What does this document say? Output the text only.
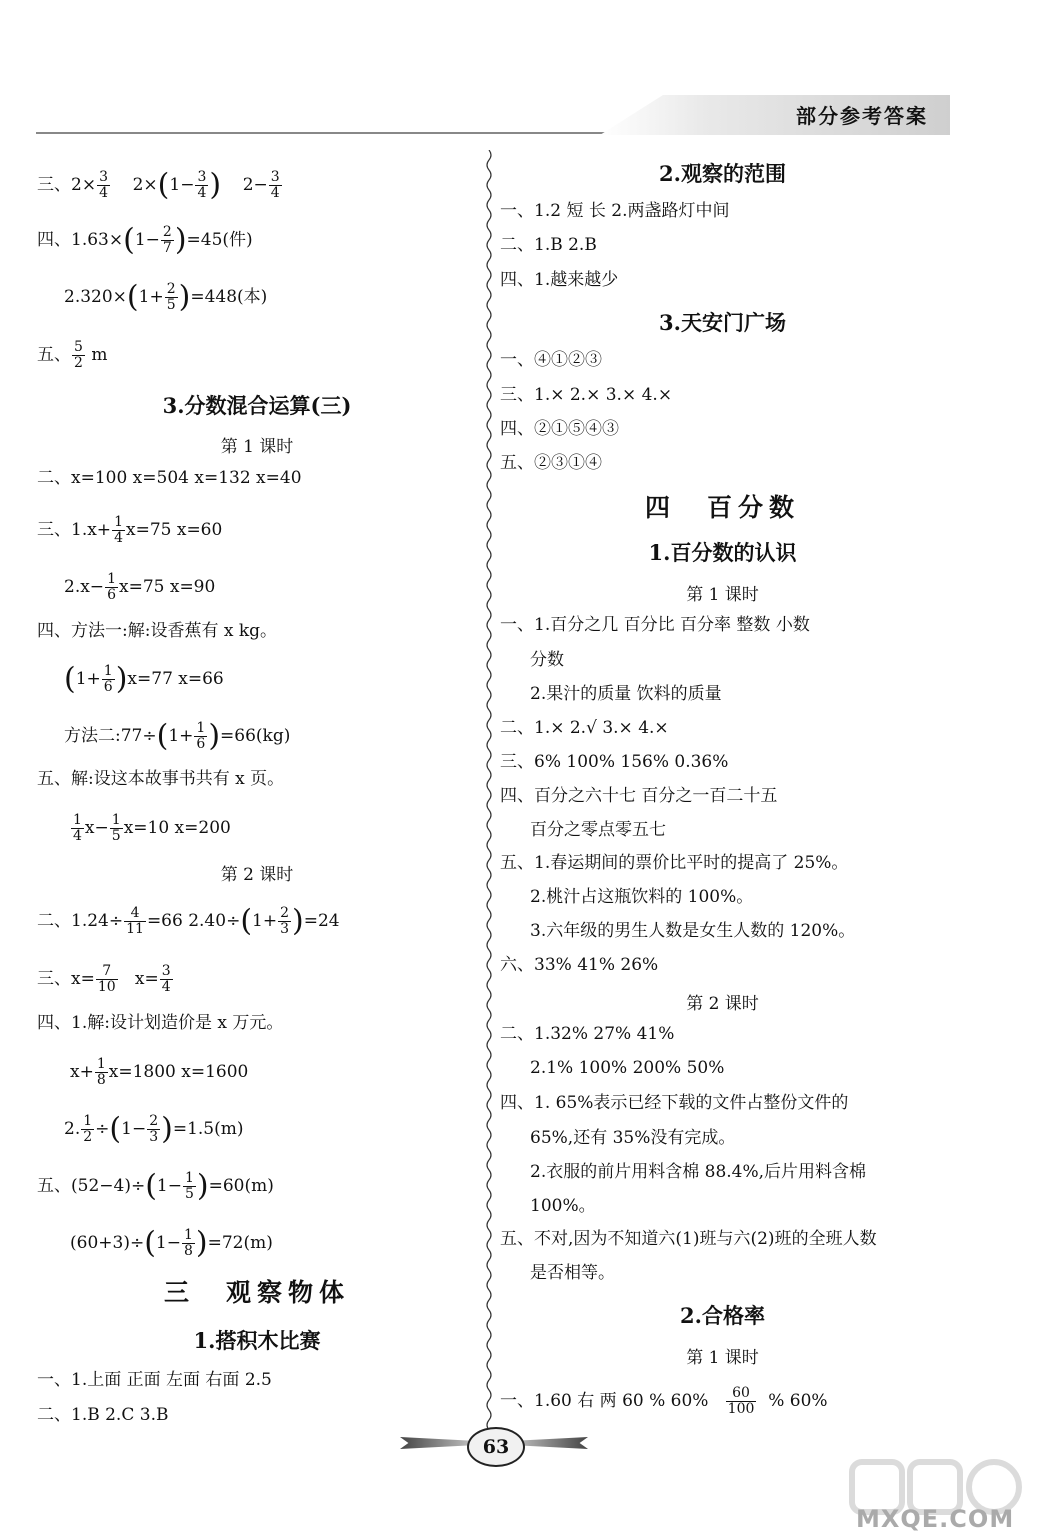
部分参考答案
三、$2\times \frac{3}{4} 2\times(1- \frac{3}{4}$ ) $2- \frac{3}{4}$
四、$1.63\times(1- \frac{2}{7} )=45$(件)
$2.320\times(1+ \frac{2}{5} )=448$(本)
五、 $\frac{5}{2}$ m
3.分数混合运算(三)
第 1 课时
二、x=100 x=504 x=132 x=40
三、$1.x+ \frac{1}{4} x=75$ x=60
$2.x- \frac{1}{6} x=75$ x=90
四、方法一:解:设香蕉有 x kg。
$(1+ \frac{1}{6} )x=77$ x=66
方法二:77÷(1+ $\frac{1}{6} )=66(kg)$
五、解:设这本故事书共有 x 页。
$\frac{1}{4} x- \frac{1}{5} x=10$ x=200
第 2 课时
二、$1.24\div \frac{4}{11} =66$ $2.40\div(1+ \frac{2}{3} )=24$
三、$x= \frac{7}{10} x= \frac{3}{4}$
四、1.解:设计划造价是 x 万元。
$x+ \frac{1}{8} x=1800$ x=1600
2. $\frac{1}{2} \div(1- \frac{2}{3} )=1.5(m)$
五、$(52-4)\div(1- \frac{1}{5} )=60(m)$
$(60+3)\div(1- \frac{1}{8} )=72(m)$
三　观察物体
1.搭积木比赛
一、1.上面 正面 左面 右面 2.5
二、1.B 2.C 3.B
2.观察的范围
一、1.2 短 长 2.两盏路灯中间
二、1.B 2.B
四、1.越来越少
3.天安门广场
一、④①②③
三、1.× 2.× 3.× 4.×
四、②①⑤④③
五、②③①④
四　百分数
1.百分数的认识
第 1 课时
一、1.百分之几 百分比 百分率 整数 小数
分数
2.果汁的质量 饮料的质量
二、1.× 2.√ 3.× 4.×
三、6% 100% 156% 0.36%
四、百分之六十七 百分之一百二十五
百分之零点零五七
五、1.春运期间的票价比平时的提高了 25%。
2.桃汁占这瓶饮料的 100%。
3.六年级的男生人数是女生人数的 120%。
六、33% 41% 26%
第 2 课时
二、1.32% 27% 41%
2.1% 100% 200% 50%
四、1. 65%表示已经下载的文件占整份文件的
65%,还有 35%没有完成。
2.衣服的前片用料含棉 88.4%,后片用料含棉
100%。
五、不对,因为不知道六(1)班与六(2)班的全班人数
是否相等。
2.合格率
第 1 课时
一、1.60 右 两 60 % $60\% \frac{60}{100}$ % 60%
63
MXQE.COM
